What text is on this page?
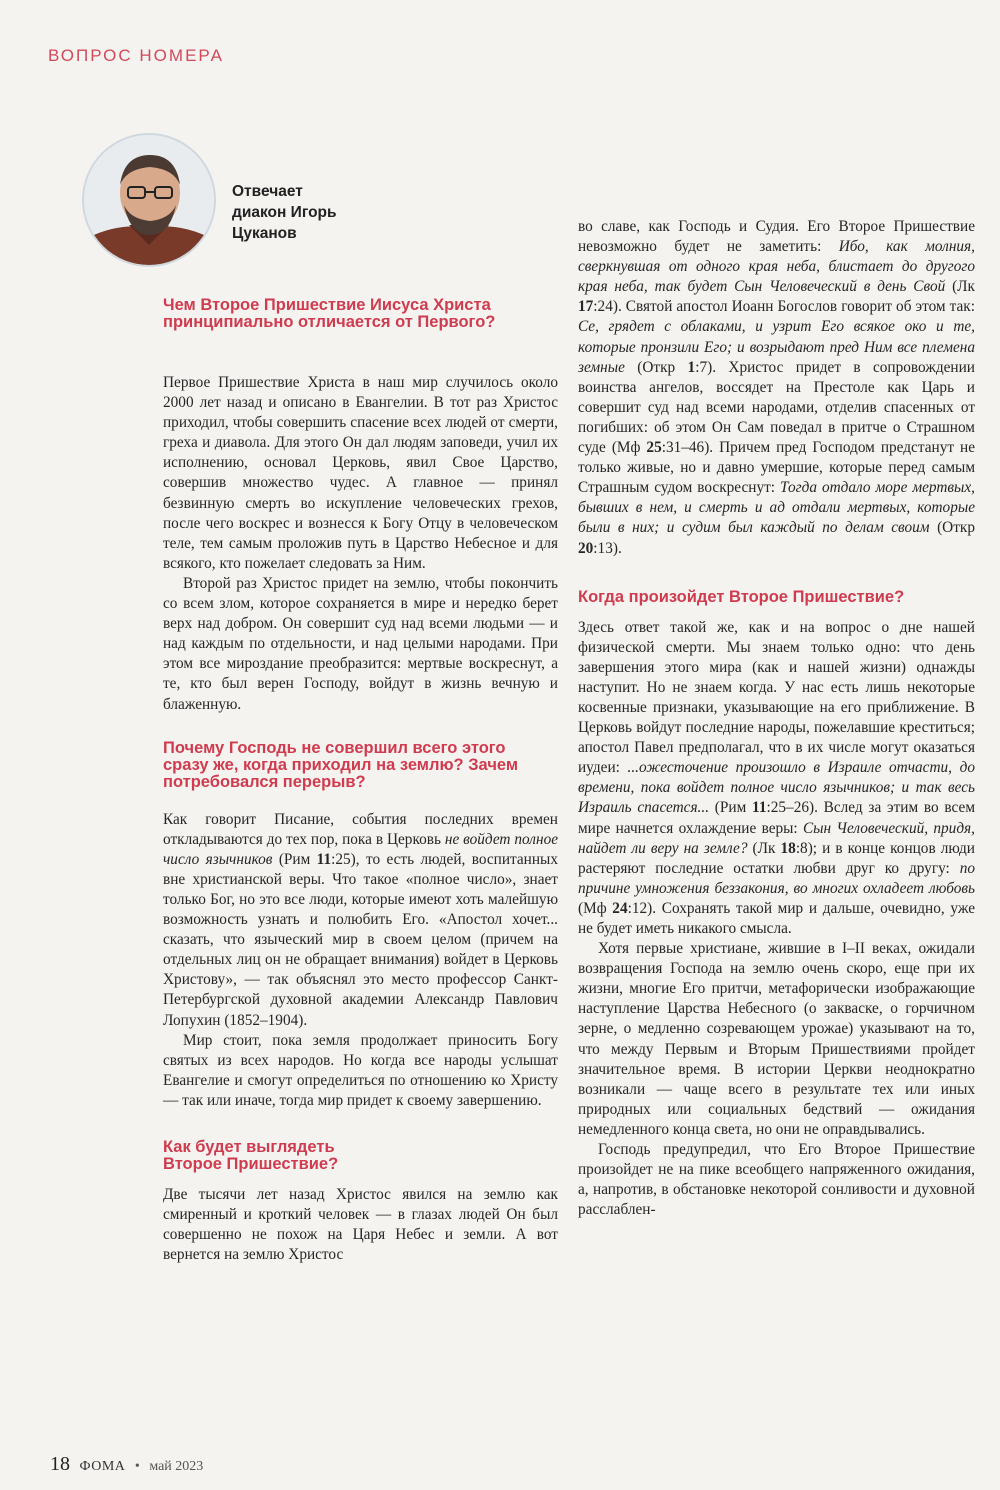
ВОПРОС НОМЕРА
Отвечает
диакон Игорь
Цуканов
Чем Второе Пришествие Иисуса Христа принципиально отличается от Первого?

Первое Пришествие Христа в наш мир случилось около 2000 лет назад и описано в Евангелии. В тот раз Христос приходил, чтобы совершить спасение всех людей от смерти, греха и диавола. Для этого Он дал людям заповеди, учил их исполнению, основал Церковь, явил Свое Царство, совершив множество чудес. А главное — принял безвинную смерть во искупление человеческих грехов, после чего воскрес и вознесся к Богу Отцу в человеческом теле, тем самым проложив путь в Царство Небесное и для всякого, кто пожелает следовать за Ним.

Второй раз Христос придет на землю, чтобы покончить со всем злом, которое сохраняется в мире и нередко берет верх над добром. Он совершит суд над всеми людьми — и над каждым по отдельности, и над целыми народами. При этом все мироздание преобразится: мертвые воскреснут, а те, кто был верен Господу, войдут в жизнь вечную и блаженную.

Почему Господь не совершил всего этого сразу же, когда приходил на землю? Зачем потребовался перерыв?

Как говорит Писание, события последних времен откладываются до тех пор, пока в Церковь не войдет полное число язычников (Рим 11:25), то есть людей, воспитанных вне христианской веры. Что такое «полное число», знает только Бог, но это все люди, которые имеют хоть малейшую возможность узнать и полюбить Его. «Апостол хочет... сказать, что языческий мир в своем целом (причем на отдельных лиц он не обращает внимания) войдет в Церковь Христову», — так объяснял это место профессор Санкт-Петербургской духовной академии Александр Павлович Лопухин (1852–1904).

Мир стоит, пока земля продолжает приносить Богу святых из всех народов. Но когда все народы услышат Евангелие и смогут определиться по отношению ко Христу — так или иначе, тогда мир придет к своему завершению.

Как будет выглядеть Второе Пришествие?

Две тысячи лет назад Христос явился на землю как смиренный и кроткий человек — в глазах людей Он был совершенно не похож на Царя Небес и земли. А вот вернется на землю Христос

во славе, как Господь и Судия. Его Второе Пришествие невозможно будет не заметить: Ибо, как молния, сверкнувшая от одного края неба, блистает до другого края неба, так будет Сын Человеческий в день Свой (Лк 17:24). Святой апостол Иоанн Богослов говорит об этом так: Се, грядет с облаками, и узрит Его всякое око и те, которые пронзили Его; и возрыдают пред Ним все племена земные (Откр 1:7). Христос придет в сопровождении воинства ангелов, воссядет на Престоле как Царь и совершит суд над всеми народами, отделив спасенных от погибших: об этом Он Сам поведал в притче о Страшном суде (Мф 25:31–46). Причем пред Господом предстанут не только живые, но и давно умершие, которые перед самым Страшным судом воскреснут: Тогда отдало море мертвых, бывших в нем, и смерть и ад отдали мертвых, которые были в них; и судим был каждый по делам своим (Откр 20:13).

Когда произойдет Второе Пришествие?

Здесь ответ такой же, как и на вопрос о дне нашей физической смерти. Мы знаем только одно: что день завершения этого мира (как и нашей жизни) однажды наступит. Но не знаем когда. У нас есть лишь некоторые косвенные признаки, указывающие на его приближение. В Церковь войдут последние народы, пожелавшие креститься; апостол Павел предполагал, что в их числе могут оказаться иудеи: ...ожесточение произошло в Израиле отчасти, до времени, пока войдет полное число язычников; и так весь Израиль спасется... (Рим 11:25–26). Вслед за этим во всем мире начнется охлаждение веры: Сын Человеческий, придя, найдет ли веру на земле? (Лк 18:8); и в конце концов люди растеряют последние остатки любви друг ко другу: по причине умножения беззакония, во многих охладеет любовь (Мф 24:12). Сохранять такой мир и дальше, очевидно, уже не будет иметь никакого смысла.

Хотя первые христиане, жившие в I–II веках, ожидали возвращения Господа на землю очень скоро, еще при их жизни, многие Его притчи, метафорически изображающие наступление Царства Небесного (о закваске, о горчичном зерне, о медленно созревающем урожае) указывают на то, что между Первым и Вторым Пришествиями пройдет значительное время. В истории Церкви неоднократно возникали — чаще всего в результате тех или иных природных или социальных бедствий — ожидания немедленного конца света, но они не оправдывались.

Господь предупредил, что Его Второе Пришествие произойдет не на пике всеобщего напряженного ожидания, а, напротив, в обстановке некоторой сонливости и духовной расслаблен-

18 ФОМА • май 2023
